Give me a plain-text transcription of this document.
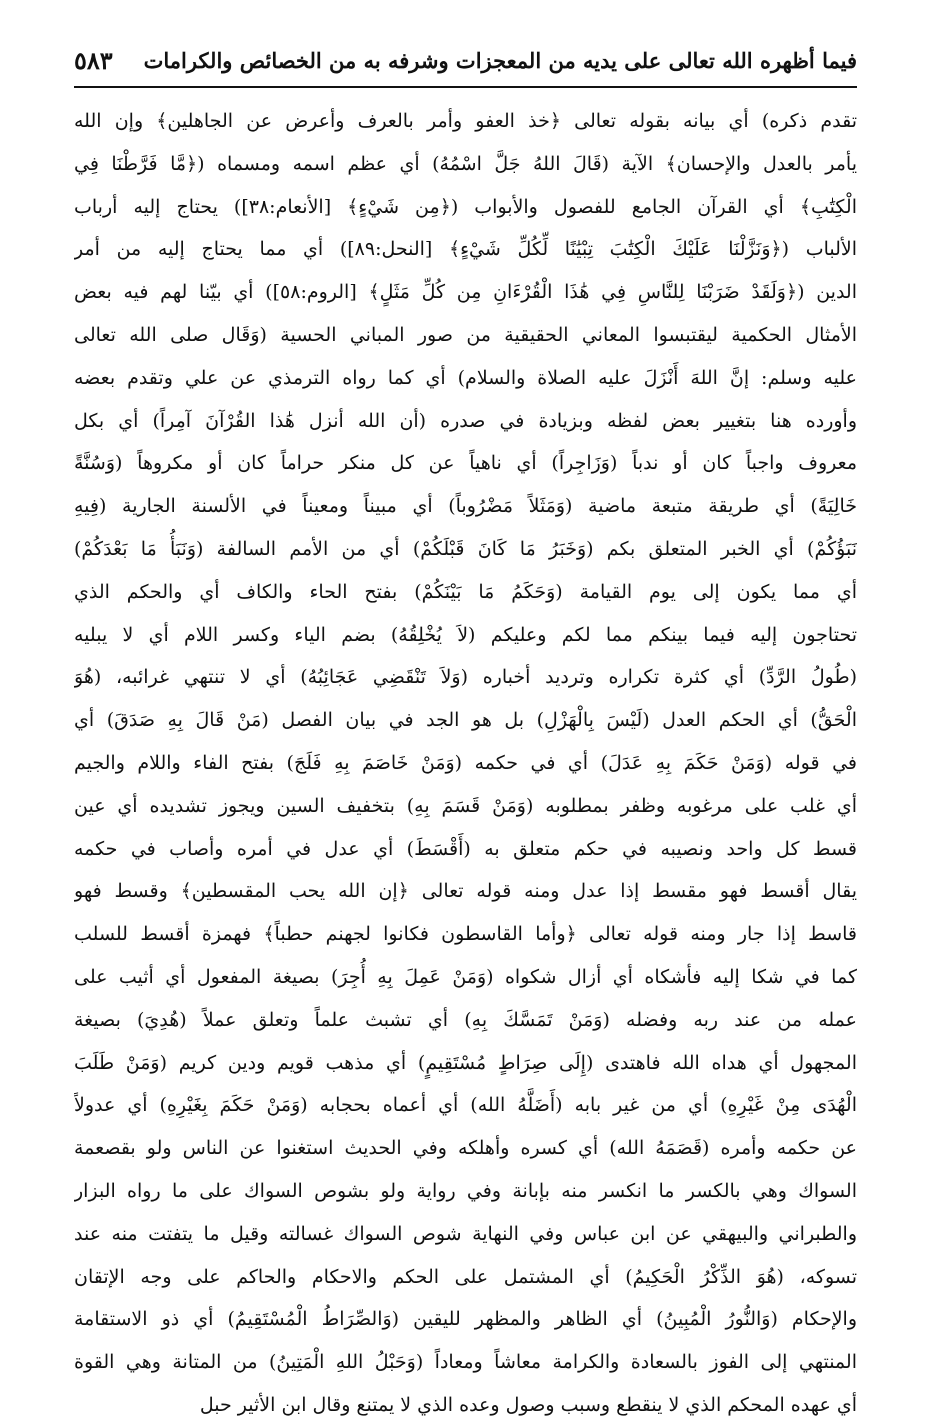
فيما أظهره الله تعالى على يديه من المعجزات وشرفه به من الخصائص والكرامات
٥٨٣
تقدم ذكره) أي بيانه بقوله تعالى ﴿خذ العفو وأمر بالعرف وأعرض عن الجاهلين﴾ وإن الله
يأمر بالعدل والإحسان﴾ الآية (قَالَ اللهُ جَلَّ اسْمُهُ) أي عظم اسمه ومسماه (﴿مَّا فَرَّطْنَا فِي
الْكِتَٰبِ﴾ أي القرآن الجامع للفصول والأبواب (﴿مِن شَيْءٍ﴾ [الأنعام:٣٨]) يحتاج إليه أرباب
الألباب (﴿وَنَزَّلْنَا عَلَيْكَ الْكِتَٰبَ تِبْيَٰنًا لِّكُلِّ شَيْءٍ﴾ [النحل:٨٩]) أي مما يحتاج إليه من أمر
الدين (﴿وَلَقَدْ ضَرَبْنَا لِلنَّاسِ فِي هَٰذَا الْقُرْءَانِ مِن كُلِّ مَثَلٍ﴾ [الروم:٥٨]) أي بيّنا لهم فيه بعض
الأمثال الحكمية ليقتبسوا المعاني الحقيقية من صور المباني الحسية (وَقَال صلى الله تعالى
عليه وسلم: إنَّ اللهَ أَنْزَلَ عليه الصلاة والسلام) أي كما رواه الترمذي عن علي وتقدم بعضه
وأورده هنا بتغيير بعض لفظه وبزيادة في صدره (أن الله أنزل هَٰذا القُرْآنَ آمِراً) أي بكل
معروف واجباً كان أو ندباً (وَزَاجِراً) أي ناهياً عن كل منكر حراماً كان أو مكروهاً (وَسُنَّةً
خَالِيَةً) أي طريقة متبعة ماضية (وَمَثَلاً مَضْرُوباً) أي مبيناً ومعيناً في الألسنة الجارية (فِيهِ
نَبَؤُكُمْ) أي الخبر المتعلق بكم (وَخَبَرُ مَا كَانَ قَبْلَكُمْ) أي من الأمم السالفة (وَنَبَأُ مَا بَعْدَكُمْ)
أي مما يكون إلى يوم القيامة (وَحَكَمُ مَا بَيْنَكُمْ) بفتح الحاء والكاف أي والحكم الذي
تحتاجون إليه فيما بينكم مما لكم وعليكم (لاَ يُخْلِقُهُ) بضم الياء وكسر اللام أي لا يبليه
(طُولُ الرَّدِّ) أي كثرة تكراره وترديد أخباره (وَلاَ تَنْقَضِي عَجَائِبُهُ) أي لا تنتهي غرائبه، (هُوَ
الْحَقُّ) أي الحكم العدل (لَيْسَ بِالْهَزْلِ) بل هو الجد في بيان الفصل (مَنْ قَالَ بِهِ صَدَقَ) أي
في قوله (وَمَنْ حَكَمَ بِهِ عَدَلَ) أي في حكمه (وَمَنْ خَاصَمَ بِهِ فَلَجَ) بفتح الفاء واللام والجيم
أي غلب على مرغوبه وظفر بمطلوبه (وَمَنْ قَسَمَ بِهِ) بتخفيف السين ويجوز تشديده أي عين
قسط كل واحد ونصيبه في حكم متعلق به (أَقْسَطَ) أي عدل في أمره وأصاب في حكمه
يقال أقسط فهو مقسط إذا عدل ومنه قوله تعالى ﴿إن الله يحب المقسطين﴾ وقسط فهو
قاسط إذا جار ومنه قوله تعالى ﴿وأما القاسطون فكانوا لجهنم حطباً﴾ فهمزة أقسط للسلب
كما في شكا إليه فأشكاه أي أزال شكواه (وَمَنْ عَمِلَ بِهِ أُجِرَ) بصيغة المفعول أي أثيب على
عمله من عند ربه وفضله (وَمَنْ تَمَسَّكَ بِهِ) أي تشبث علماً وتعلق عملاً (هُدِيَ) بصيغة
المجهول أي هداه الله فاهتدى (إِلَى صِرَاطٍ مُسْتَقِيمٍ) أي مذهب قويم ودين كريم (وَمَنْ طَلَبَ
الْهُدَى مِنْ غَيْرِهِ) أي من غير بابه (أَضَلَّهُ الله) أي أعماه بحجابه (وَمَنْ حَكَمَ بِغَيْرِهِ) أي عدولاً
عن حكمه وأمره (قَصَمَهُ الله) أي كسره وأهلكه وفي الحديث استغنوا عن الناس ولو بقصعمة
السواك وهي بالكسر ما انكسر منه بإبانة وفي رواية ولو بشوص السواك على ما رواه البزار
والطبراني والبيهقي عن ابن عباس وفي النهاية شوص السواك غسالته وقيل ما يتفتت منه عند
تسوكه، (هُوَ الذِّكْرُ الْحَكِيمُ) أي المشتمل على الحكم والاحكام والحاكم على وجه الإتقان
والإحكام (وَالنُّورُ الْمُبِينُ) أي الظاهر والمظهر لليقين (وَالصِّرَاطُ الْمُسْتَقِيمُ) أي ذو الاستقامة
المنتهي إلى الفوز بالسعادة والكرامة معاشاً ومعاداً (وَحَبْلُ اللهِ الْمَتِينُ) من المتانة وهي القوة
أي عهده المحكم الذي لا ينقطع وسبب وصول وعده الذي لا يمتنع وقال ابن الأثير حبل
